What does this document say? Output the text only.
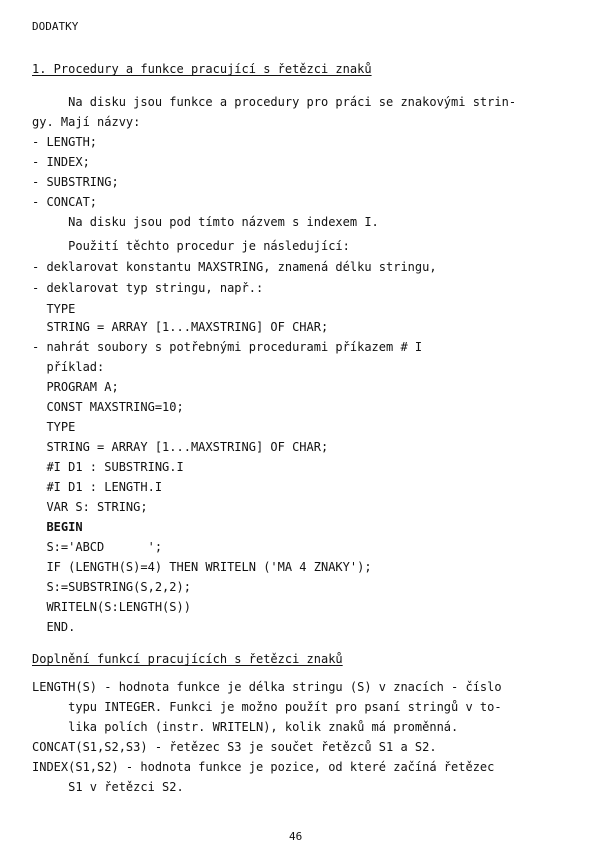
DODATKY
1. Procedury a funkce pracující s řetězci znaků
Na disku jsou funkce a procedury pro práci se znakovými strin-
gy. Mají názvy:
- LENGTH;
- INDEX;
- SUBSTRING;
- CONCAT;
Na disku jsou pod tímto názvem s indexem I.
Použití těchto procedur je následující:
- deklarovat konstantu MAXSTRING, znamená délku stringu,
- deklarovat typ stringu, např.:
TYPE
STRING = ARRAY [1...MAXSTRING] OF CHAR;
- nahrát soubory s potřebnými procedurami příkazem # I
příklad:
PROGRAM A;
CONST MAXSTRING=10;
TYPE
STRING = ARRAY [1...MAXSTRING] OF CHAR;
#I D1 : SUBSTRING.I
#I D1 : LENGTH.I
VAR S: STRING;
BEGIN
S:='ABCD      ';
IF (LENGTH(S)=4) THEN WRITELN ('MA 4 ZNAKY');
S:=SUBSTRING(S,2,2);
WRITELN(S:LENGTH(S))
END.
Doplnění funkcí pracujících s řetězci znaků
LENGTH(S) - hodnota funkce je délka stringu (S) v znacích - číslo
typu INTEGER. Funkci je možno použít pro psaní stringů v to-
lika polích (instr. WRITELN), kolik znaků má proměnná.
CONCAT(S1,S2,S3) - řetězec S3 je součet řetězců S1 a S2.
INDEX(S1,S2) - hodnota funkce je pozice, od které začíná řetězec
S1 v řetězci S2.
46
